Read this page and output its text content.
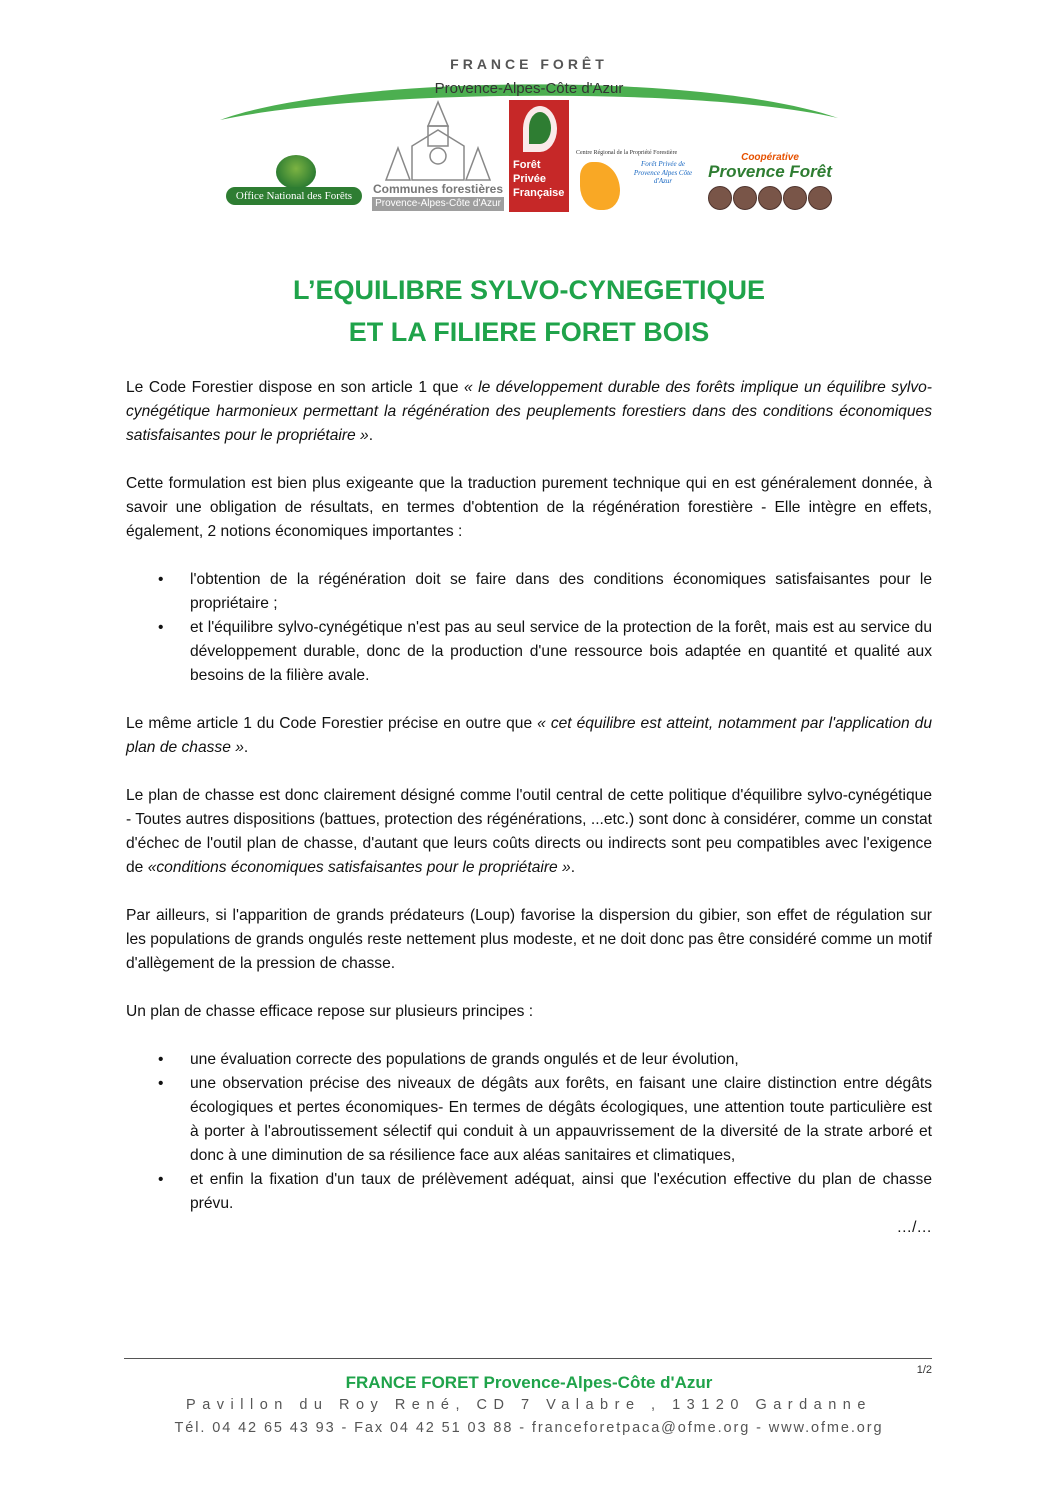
FRANCE FORÊT
Provence-Alpes-Côte d'Azur
Office National des Forêts	Communes forestières
Provence-Alpes-Côte d'Azur
Forêt
Privée
Française
Centre Régional de la Propriété Forestière
Forêt Privée de Provence Alpes Côte d'Azur
Coopérative
Provence Forêt
L’EQUILIBRE SYLVO-CYNEGETIQUE
ET LA FILIERE FORET BOIS

Le Code Forestier dispose en son article 1 que « le développement durable des forêts implique un équilibre sylvo-cynégétique harmonieux permettant la régénération des peuplements forestiers dans des conditions économiques satisfaisantes pour le propriétaire ».

Cette formulation est bien plus exigeante que la traduction purement technique qui en est généralement donnée, à savoir une obligation de résultats, en termes d'obtention de la régénération forestière - Elle intègre en effets, également, 2 notions économiques importantes :

• l'obtention de la régénération doit se faire dans des conditions économiques satisfaisantes pour le propriétaire ;
• et l'équilibre sylvo-cynégétique n'est pas au seul service de la protection de la forêt, mais est au service du développement durable, donc de la production d'une ressource bois adaptée en quantité et qualité aux besoins de la filière avale.

Le même article 1 du Code Forestier précise en outre que « cet équilibre est atteint, notamment par l'application du plan de chasse ».

Le plan de chasse est donc clairement désigné comme l'outil central de cette politique d'équilibre sylvo-cynégétique - Toutes autres dispositions (battues, protection des régénérations, ...etc.) sont donc à considérer, comme un constat d'échec de l'outil plan de chasse, d'autant que leurs coûts directs ou indirects sont peu compatibles avec l'exigence de «conditions économiques satisfaisantes pour le propriétaire ».

Par ailleurs, si l'apparition de grands prédateurs (Loup) favorise la dispersion du gibier, son effet de régulation sur les populations de grands ongulés reste nettement plus modeste, et ne doit donc pas être considéré comme un motif d'allègement de la pression de chasse.

Un plan de chasse efficace repose sur plusieurs principes :

• une évaluation correcte des populations de grands ongulés et de leur évolution,
• une observation précise des niveaux de dégâts aux forêts, en faisant une claire distinction entre dégâts écologiques et pertes économiques- En termes de dégâts écologiques, une attention toute particulière est à porter à l'abroutissement sélectif qui conduit à un appauvrissement de la diversité de la strate arboré et donc à une diminution de sa résilience face aux aléas sanitaires et climatiques,
• et enfin la fixation d'un taux de prélèvement adéquat, ainsi que l'exécution effective du plan de chasse prévu.

…/…

1/2
FRANCE FORET Provence-Alpes-Côte d'Azur
Pavillon du Roy René, CD 7 Valabre , 13120 Gardanne
Tél. 04 42 65 43 93 - Fax 04 42 51 03 88 - franceforetpaca@ofme.org - www.ofme.org
